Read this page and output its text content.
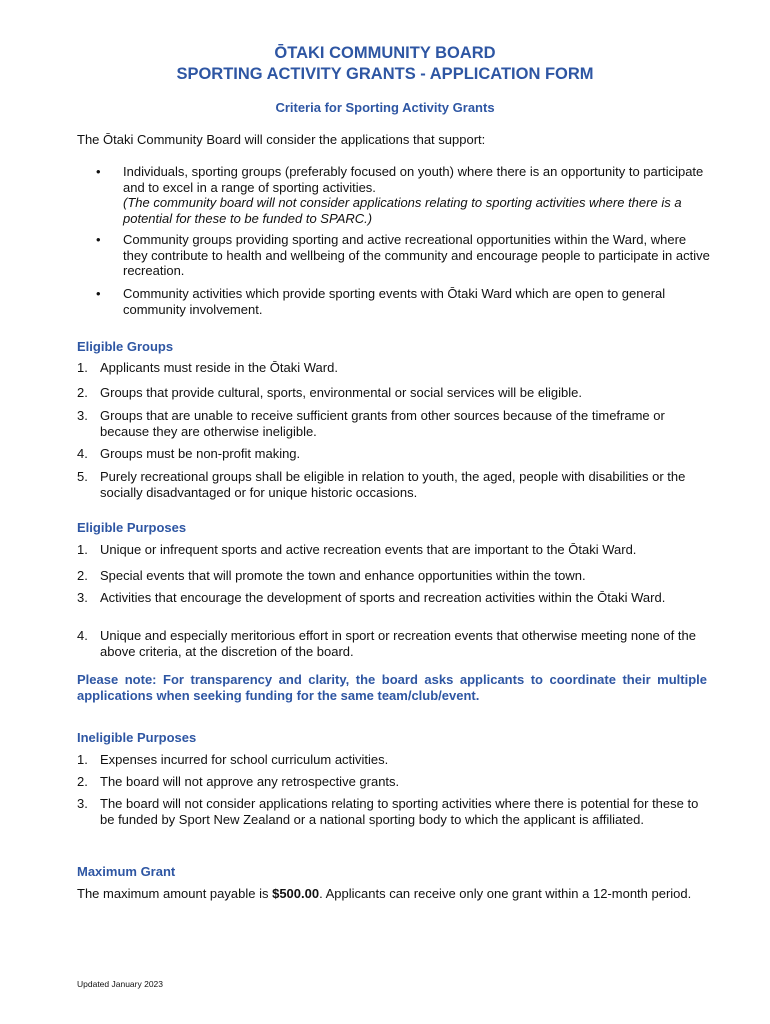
ŌTAKI COMMUNITY BOARD
SPORTING ACTIVITY GRANTS - APPLICATION FORM
Criteria for Sporting Activity Grants
The Ōtaki Community Board will consider the applications that support:
• Individuals, sporting groups (preferably focused on youth) where there is an opportunity to participate and to excel in a range of sporting activities.
(The community board will not consider applications relating to sporting activities where there is a potential for these to be funded to SPARC.)
• Community groups providing sporting and active recreational opportunities within the Ward, where they contribute to health and wellbeing of the community and encourage people to participate in active recreation.
• Community activities which provide sporting events with Ōtaki Ward which are open to general community involvement.
Eligible Groups
1. Applicants must reside in the Ōtaki Ward.
2. Groups that provide cultural, sports, environmental or social services will be eligible.
3. Groups that are unable to receive sufficient grants from other sources because of the timeframe or because they are otherwise ineligible.
4. Groups must be non-profit making.
5. Purely recreational groups shall be eligible in relation to youth, the aged, people with disabilities or the socially disadvantaged or for unique historic occasions.
Eligible Purposes
1. Unique or infrequent sports and active recreation events that are important to the Ōtaki Ward.
2. Special events that will promote the town and enhance opportunities within the town.
3. Activities that encourage the development of sports and recreation activities within the Ōtaki Ward.
4. Unique and especially meritorious effort in sport or recreation events that otherwise meeting none of the above criteria, at the discretion of the board.
Please note: For transparency and clarity, the board asks applicants to coordinate their multiple applications when seeking funding for the same team/club/event.
Ineligible Purposes
1. Expenses incurred for school curriculum activities.
2. The board will not approve any retrospective grants.
3. The board will not consider applications relating to sporting activities where there is potential for these to be funded by Sport New Zealand or a national sporting body to which the applicant is affiliated.
Maximum Grant
The maximum amount payable is $500.00. Applicants can receive only one grant within a 12-month period.
Updated January 2023
